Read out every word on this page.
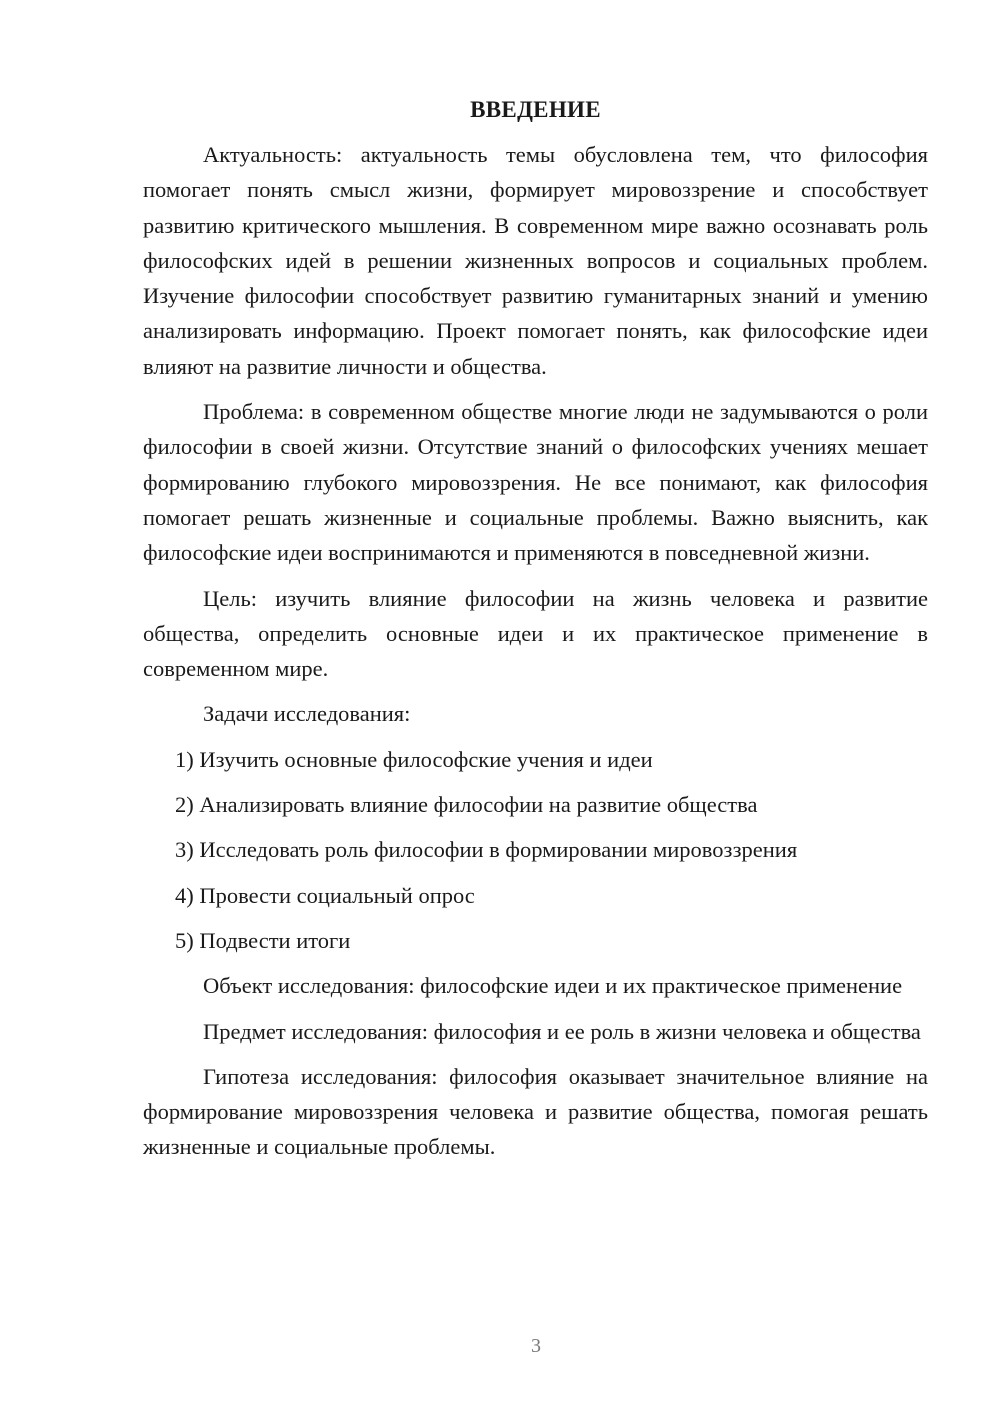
ВВЕДЕНИЕ

Актуальность: актуальность темы обусловлена тем, что философия помогает понять смысл жизни, формирует мировоззрение и способствует развитию критического мышления. В современном мире важно осознавать роль философских идей в решении жизненных вопросов и социальных проблем. Изучение философии способствует развитию гуманитарных знаний и умению анализировать информацию. Проект помогает понять, как философские идеи влияют на развитие личности и общества.

Проблема: в современном обществе многие люди не задумываются о роли философии в своей жизни. Отсутствие знаний о философских учениях мешает формированию глубокого мировоззрения. Не все понимают, как философия помогает решать жизненные и социальные проблемы. Важно выяснить, как философские идеи воспринимаются и применяются в повседневной жизни.

Цель: изучить влияние философии на жизнь человека и развитие общества, определить основные идеи и их практическое применение в современном мире.

Задачи исследования:

1) Изучить основные философские учения и идеи
2) Анализировать влияние философии на развитие общества
3) Исследовать роль философии в формировании мировоззрения
4) Провести социальный опрос
5) Подвести итоги

Объект исследования: философские идеи и их практическое применение

Предмет исследования: философия и ее роль в жизни человека и общества

Гипотеза исследования: философия оказывает значительное влияние на формирование мировоззрения человека и развитие общества, помогая решать жизненные и социальные проблемы.

3
